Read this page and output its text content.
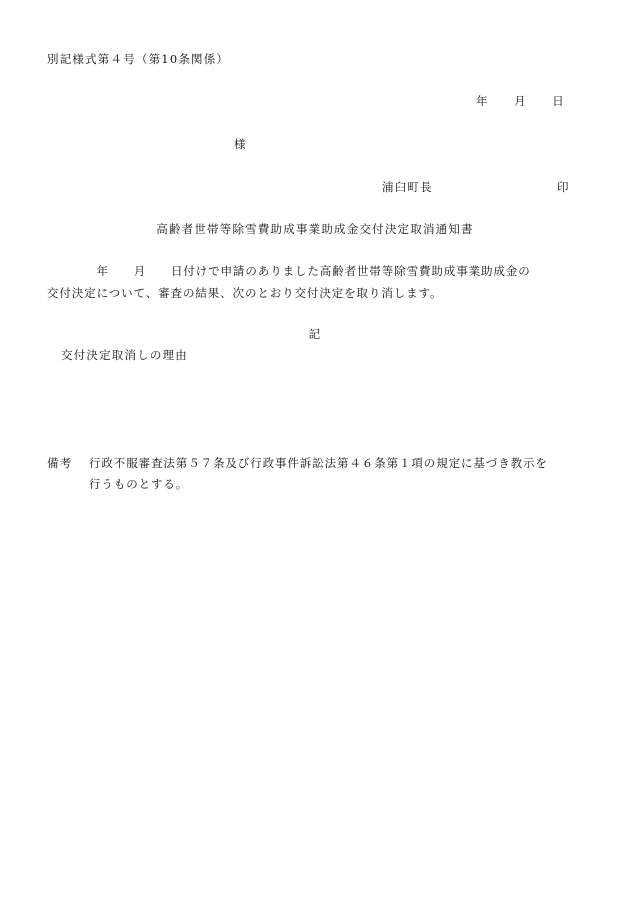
別記様式第４号（第10条関係）
年　　月　　日
様
浦臼町長	印
高齢者世帯等除雪費助成事業助成金交付決定取消通知書
　　　　年　　月　　日付けで申請のありました高齢者世帯等除雪費助成事業助成金の
交付決定について、審査の結果、次のとおり交付決定を取り消します。
記
交付決定取消しの理由
備考 行政不服審査法第５７条及び行政事件訴訟法第４６条第１項の規定に基づき教示を
行うものとする。
